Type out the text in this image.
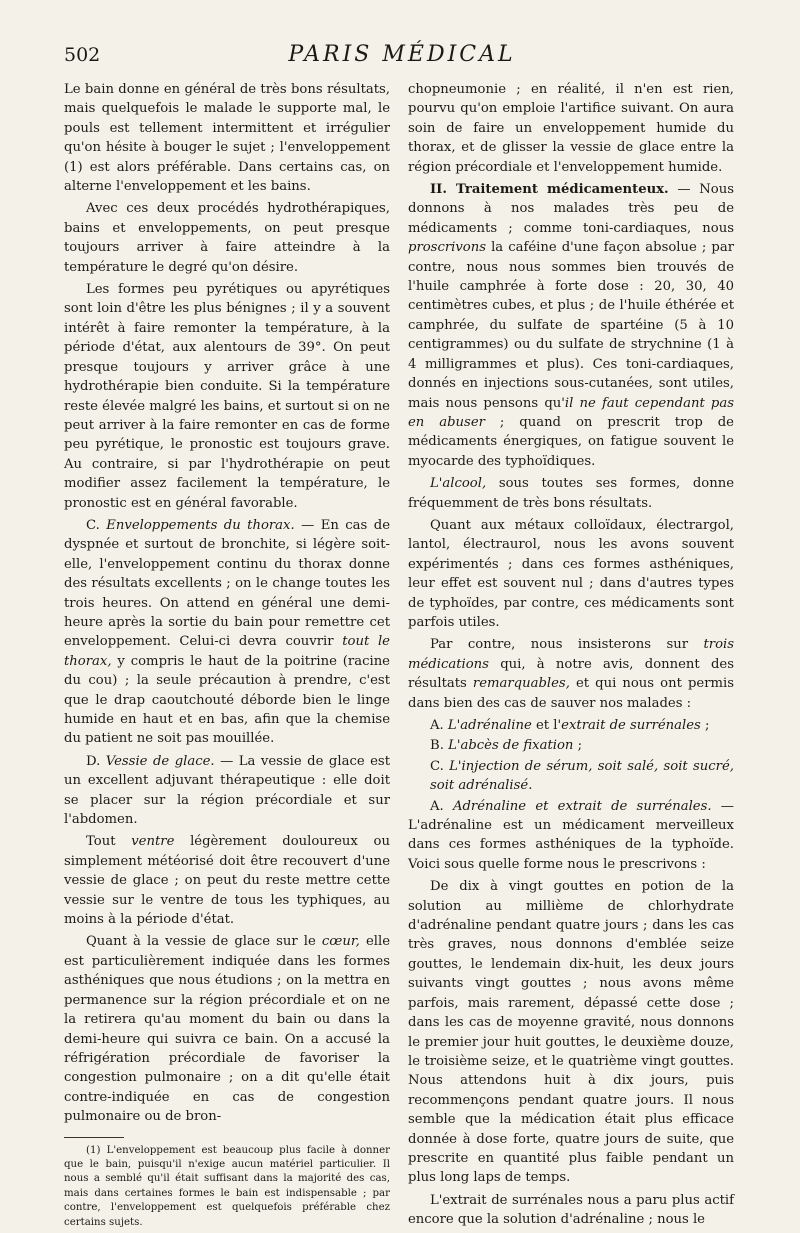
502	PARIS MÉDICAL

Le bain donne en général de très bons résultats, mais quelquefois le malade le supporte mal, le pouls est tellement intermittent et irrégulier qu'on hésite à bouger le sujet ; l'enveloppement (1) est alors préférable. Dans certains cas, on alterne l'enveloppement et les bains.

Avec ces deux procédés hydrothérapiques, bains et enveloppements, on peut presque toujours arriver à faire atteindre à la température le degré qu'on désire.

Les formes peu pyrétiques ou apyrétiques sont loin d'être les plus bénignes ; il y a souvent intérêt à faire remonter la température, à la période d'état, aux alentours de 39°. On peut presque toujours y arriver grâce à une hydrothérapie bien conduite. Si la température reste élevée malgré les bains, et surtout si on ne peut arriver à la faire remonter en cas de forme peu pyrétique, le pronostic est toujours grave. Au contraire, si par l'hydrothérapie on peut modifier assez facilement la température, le pronostic est en général favorable.

C. Enveloppements du thorax. — En cas de dyspnée et surtout de bronchite, si légère soit-elle, l'enveloppement continu du thorax donne des résultats excellents ; on le change toutes les trois heures. On attend en général une demi-heure après la sortie du bain pour remettre cet enveloppement. Celui-ci devra couvrir tout le thorax, y compris le haut de la poitrine (racine du cou) ; la seule précaution à prendre, c'est que le drap caoutchouté déborde bien le linge humide en haut et en bas, afin que la chemise du patient ne soit pas mouillée.

D. Vessie de glace. — La vessie de glace est un excellent adjuvant thérapeutique : elle doit se placer sur la région précordiale et sur l'abdomen.

Tout ventre légèrement douloureux ou simplement météorisé doit être recouvert d'une vessie de glace ; on peut du reste mettre cette vessie sur le ventre de tous les typhiques, au moins à la période d'état.

Quant à la vessie de glace sur le cœur, elle est particulièrement indiquée dans les formes asthéniques que nous étudions ; on la mettra en permanence sur la région précordiale et on ne la retirera qu'au moment du bain ou dans la demi-heure qui suivra ce bain. On a accusé la réfrigération précordiale de favoriser la congestion pulmonaire ; on a dit qu'elle était contre-indiquée en cas de congestion pulmonaire ou de bron-

(1) L'enveloppement est beaucoup plus facile à donner que le bain, puisqu'il n'exige aucun matériel particulier. Il nous a semblé qu'il était suffisant dans la majorité des cas, mais dans certaines formes le bain est indispensable ; par contre, l'enveloppement est quelquefois préférable chez certains sujets.

chopneumonie ; en réalité, il n'en est rien, pourvu qu'on emploie l'artifice suivant. On aura soin de faire un enveloppement humide du thorax, et de glisser la vessie de glace entre la région précordiale et l'enveloppement humide.

II. Traitement médicamenteux. — Nous donnons à nos malades très peu de médicaments ; comme toni-cardiaques, nous proscrivons la caféine d'une façon absolue ; par contre, nous nous sommes bien trouvés de l'huile camphrée à forte dose : 20, 30, 40 centimètres cubes, et plus ; de l'huile éthérée et camphrée, du sulfate de spartéine (5 à 10 centigrammes) ou du sulfate de strychnine (1 à 4 milligrammes et plus). Ces toni-cardiaques, donnés en injections sous-cutanées, sont utiles, mais nous pensons qu'il ne faut cependant pas en abuser ; quand on prescrit trop de médicaments énergiques, on fatigue souvent le myocarde des typhoïdiques.

L'alcool, sous toutes ses formes, donne fréquemment de très bons résultats.

Quant aux métaux colloïdaux, électrargol, lantol, électraurol, nous les avons souvent expérimentés ; dans ces formes asthéniques, leur effet est souvent nul ; dans d'autres types de typhoïdes, par contre, ces médicaments sont parfois utiles.

Par contre, nous insisterons sur trois médications qui, à notre avis, donnent des résultats remarquables, et qui nous ont permis dans bien des cas de sauver nos malades :

A. L'adrénaline et l'extrait de surrénales ;

B. L'abcès de fixation ;

C. L'injection de sérum, soit salé, soit sucré, soit adrénalisé.

A. Adrénaline et extrait de surrénales. — L'adrénaline est un médicament merveilleux dans ces formes asthéniques de la typhoïde. Voici sous quelle forme nous le prescrivons :

De dix à vingt gouttes en potion de la solution au millième de chlorhydrate d'adrénaline pendant quatre jours ; dans les cas très graves, nous donnons d'emblée seize gouttes, le lendemain dix-huit, les deux jours suivants vingt gouttes ; nous avons même parfois, mais rarement, dépassé cette dose ; dans les cas de moyenne gravité, nous donnons le premier jour huit gouttes, le deuxième douze, le troisième seize, et le quatrième vingt gouttes. Nous attendons huit à dix jours, puis recommençons pendant quatre jours. Il nous semble que la médication était plus efficace donnée à dose forte, quatre jours de suite, que prescrite en quantité plus faible pendant un plus long laps de temps.

L'extrait de surrénales nous a paru plus actif encore que la solution d'adrénaline ; nous le
